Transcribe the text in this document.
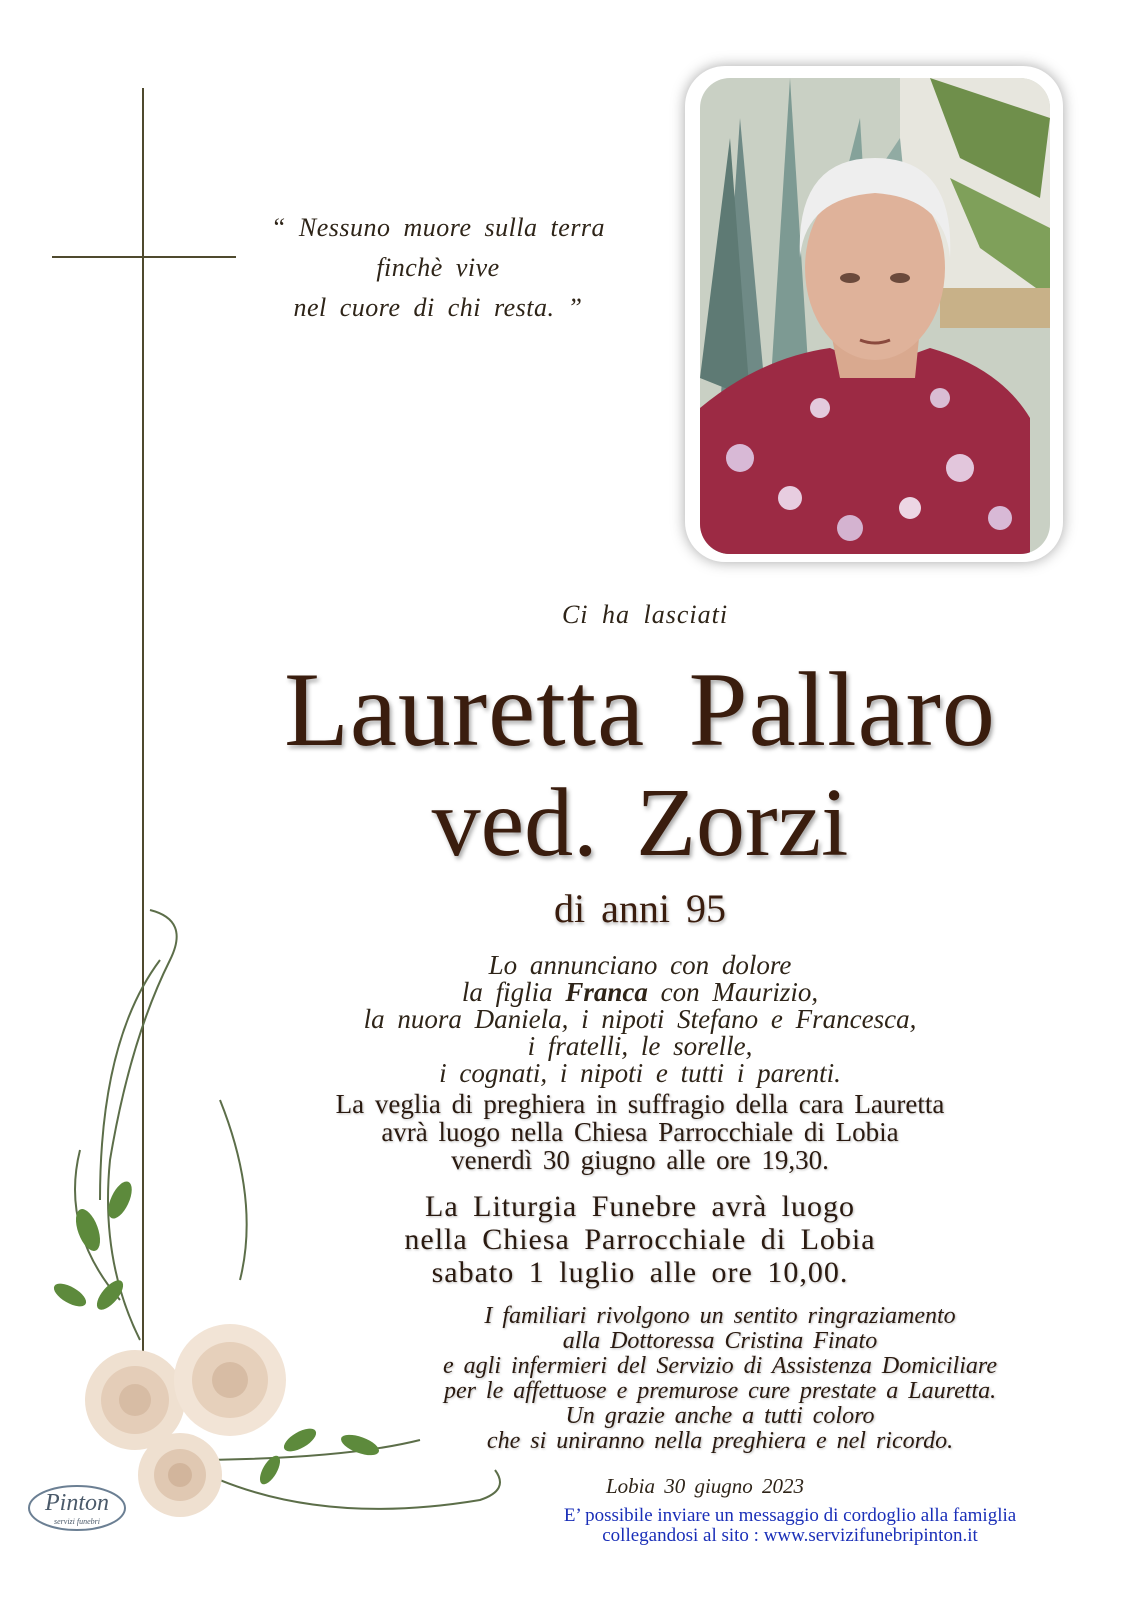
“ Nessuno muore sulla terra
finchè vive
nel cuore di chi resta. ”
Ci ha lasciati
Lauretta Pallaro
ved. Zorzi
di anni 95
Lo annunciano con dolore
la figlia Franca con Maurizio,
la nuora Daniela, i nipoti Stefano e Francesca,
i fratelli, le sorelle,
i cognati, i nipoti e tutti i parenti.
La veglia di preghiera in suffragio della cara Lauretta
avrà luogo nella Chiesa Parrocchiale di Lobia
venerdì 30 giugno alle ore 19,30.
La Liturgia Funebre avrà luogo
nella Chiesa Parrocchiale di Lobia
sabato 1 luglio alle ore 10,00.
I familiari rivolgono un sentito ringraziamento
alla Dottoressa Cristina Finato
e agli infermieri del Servizio di Assistenza Domiciliare
per le affettuose e premurose cure prestate a Lauretta.
Un grazie anche a tutti coloro
che si uniranno nella preghiera e nel ricordo.
Lobia 30 giugno 2023
E’ possibile inviare un messaggio di cordoglio alla famiglia
collegandosi al sito : www.servizifunebripinton.it
Pinton
servizi funebri
